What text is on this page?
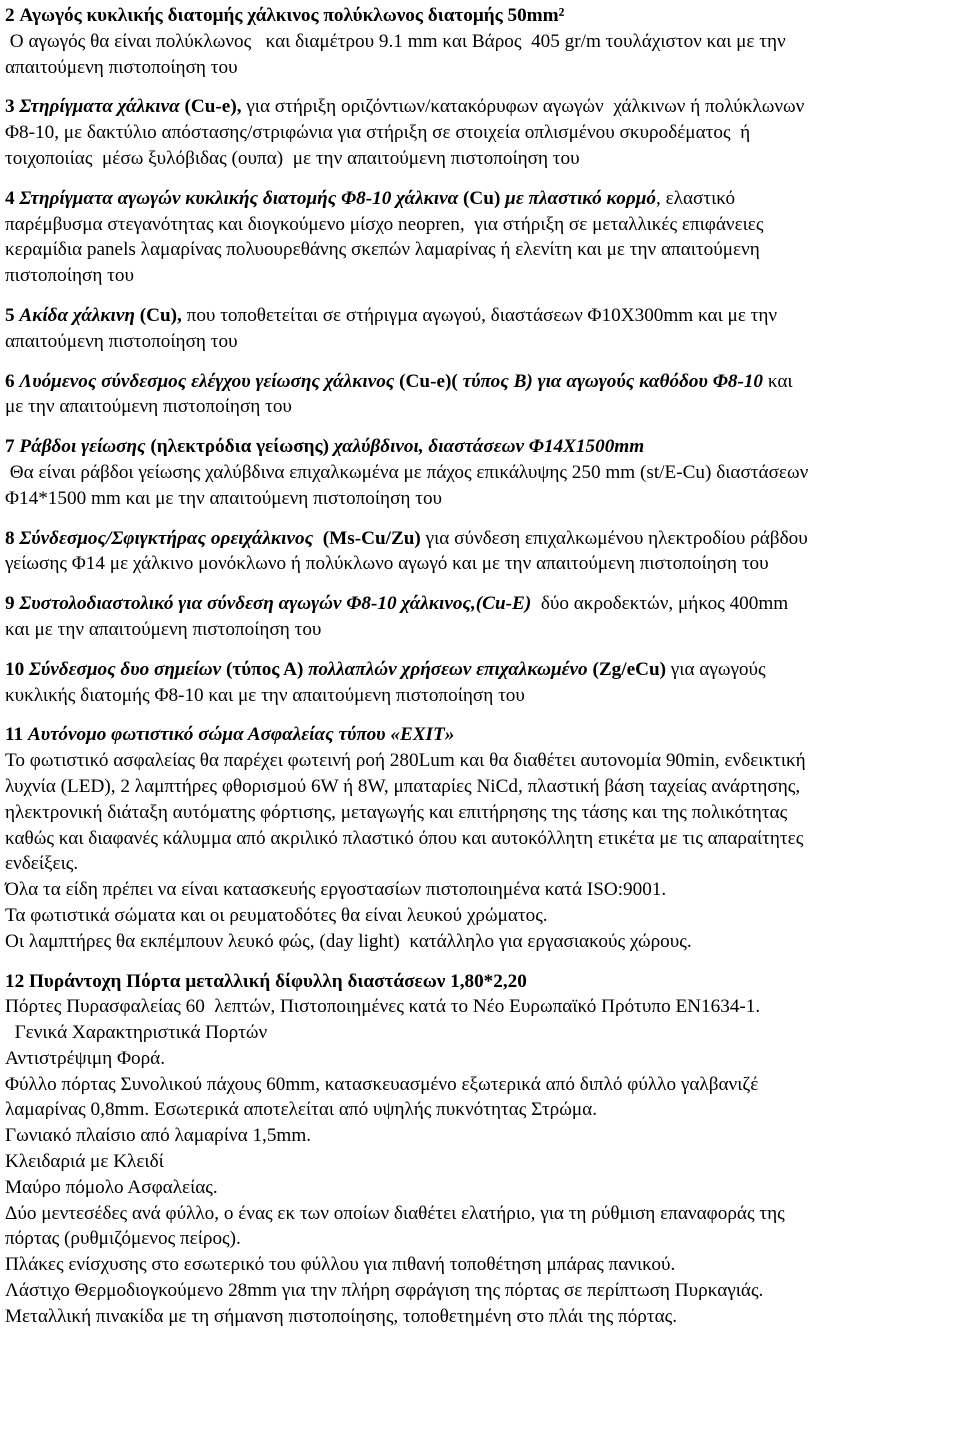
2 Αγωγός κυκλικής διατομής χάλκινος πολύκλωνος διατομής 50mm²
Ο αγωγός θα είναι πολύκλωνος   και διαμέτρου 9.1 mm και Βάρος  405 gr/m τουλάχιστον και με την
απαιτούμενη πιστοποίηση του
3 Στηρίγματα χάλκινα (Cu-e), για στήριξη οριζόντιων/κατακόρυφων αγωγών  χάλκινων ή πολύκλωνων
Φ8-10, με δακτύλιο απόστασης/στριφώνια για στήριξη σε στοιχεία οπλισμένου σκυροδέματος  ή
τοιχοποιίας  μέσω ξυλόβιδας (ουπα)  με την απαιτούμενη πιστοποίηση του
4 Στηρίγματα αγωγών κυκλικής διατομής Φ8-10 χάλκινα (Cu) με πλαστικό κορμό, ελαστικό
παρέμβυσμα στεγανότητας και διογκούμενο μίσχο neopren,  για στήριξη σε μεταλλικές επιφάνειες
κεραμίδια panels λαμαρίνας πολυουρεθάνης σκεπών λαμαρίνας ή ελενίτη και με την απαιτούμενη
πιστοποίηση του
5 Ακίδα χάλκινη (Cu), που τοποθετείται σε στήριγμα αγωγού, διαστάσεων Φ10Χ300mm και με την
απαιτούμενη πιστοποίηση του
6 Λυόμενος σύνδεσμος ελέγχου γείωσης χάλκινος (Cu-e)( τύπος Β) για αγωγούς καθόδου Φ8-10 και
με την απαιτούμενη πιστοποίηση του
7 Ράβδοι γείωσης (ηλεκτρόδια γείωσης) χαλύβδινοι, διαστάσεων Φ14Χ1500mm
Θα είναι ράβδοι γείωσης χαλύβδινα επιχαλκωμένα με πάχος επικάλυψης 250 mm (st/E-Cu) διαστάσεων
Φ14*1500 mm και με την απαιτούμενη πιστοποίηση του
8 Σύνδεσμος/Σφιγκτήρας ορειχάλκινος  (Ms-Cu/Zu) για σύνδεση επιχαλκωμένου ηλεκτροδίου ράβδου
γείωσης Φ14 με χάλκινο μονόκλωνο ή πολύκλωνο αγωγό και με την απαιτούμενη πιστοποίηση του
9 Συστολοδιαστολικό για σύνδεση αγωγών Φ8-10 χάλκινος,(Cu-E)  δύο ακροδεκτών, μήκος 400mm
και με την απαιτούμενη πιστοποίηση του
10 Σύνδεσμος δυο σημείων (τύπος Α) πολλαπλών χρήσεων επιχαλκωμένο (Zg/eCu) για αγωγούς
κυκλικής διατομής Φ8-10 και με την απαιτούμενη πιστοποίηση του
11 Αυτόνομο φωτιστικό σώμα Ασφαλείας τύπου «ΕΧΙΤ»
Το φωτιστικό ασφαλείας θα παρέχει φωτεινή ροή 280Lum και θα διαθέτει αυτονομία 90min, ενδεικτική
λυχνία (LED), 2 λαμπτήρες φθορισμού 6W ή 8W, μπαταρίες NiCd, πλαστική βάση ταχείας ανάρτησης,
ηλεκτρονική διάταξη αυτόματης φόρτισης, μεταγωγής και επιτήρησης της τάσης και της πολικότητας
καθώς και διαφανές κάλυμμα από ακριλικό πλαστικό όπου και αυτοκόλλητη ετικέτα με τις απαραίτητες
ενδείξεις.
Όλα τα είδη πρέπει να είναι κατασκευής εργοστασίων πιστοποιημένα κατά ISO:9001.
Τα φωτιστικά σώματα και οι ρευματοδότες θα είναι λευκού χρώματος.
Οι λαμπτήρες θα εκπέμπουν λευκό φώς, (day light)  κατάλληλο για εργασιακούς χώρους.
12 Πυράντοχη Πόρτα μεταλλική δίφυλλη διαστάσεων 1,80*2,20
Πόρτες Πυρασφαλείας 60  λεπτών, Πιστοποιημένες κατά το Νέο Ευρωπαϊκό Πρότυπο ΕΝ1634-1.
Γενικά Χαρακτηριστικά Πορτών
Αντιστρέψιμη Φορά.
Φύλλο πόρτας Συνολικού πάχους 60mm, κατασκευασμένο εξωτερικά από διπλό φύλλο γαλβανιζέ
λαμαρίνας 0,8mm. Εσωτερικά αποτελείται από υψηλής πυκνότητας Στρώμα.
Γωνιακό πλαίσιο από λαμαρίνα 1,5mm.
Κλειδαριά με Κλειδί
Μαύρο πόμολο Ασφαλείας.
Δύο μεντεσέδες ανά φύλλο, ο ένας εκ των οποίων διαθέτει ελατήριο, για τη ρύθμιση επαναφοράς της
πόρτας (ρυθμιζόμενος πείρος).
Πλάκες ενίσχυσης στο εσωτερικό του φύλλου για πιθανή τοποθέτηση μπάρας πανικού.
Λάστιχο Θερμοδιογκούμενο 28mm για την πλήρη σφράγιση της πόρτας σε περίπτωση Πυρκαγιάς.
Μεταλλική πινακίδα με τη σήμανση πιστοποίησης, τοποθετημένη στο πλάι της πόρτας.
